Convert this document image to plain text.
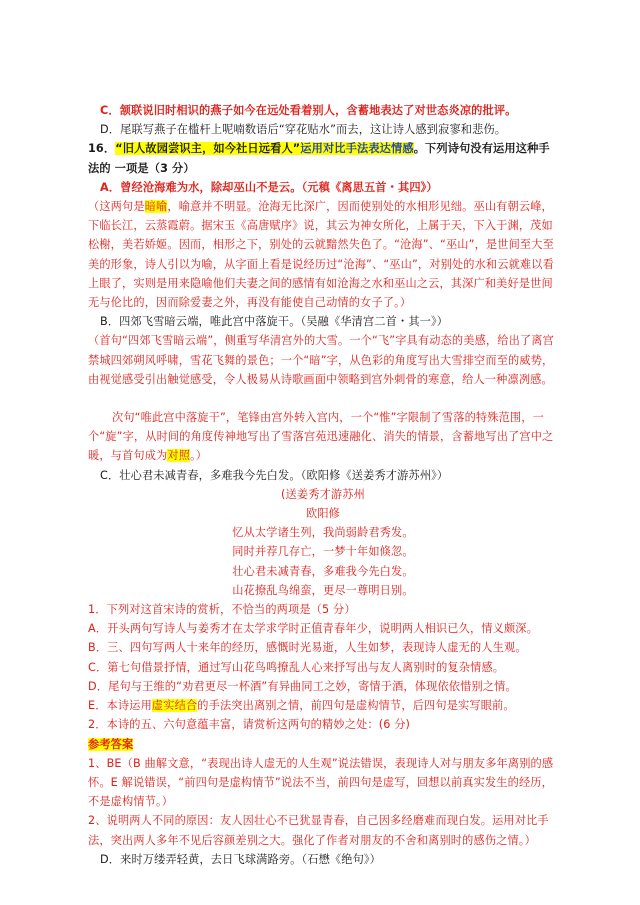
C．颔联说旧时相识的燕子如今在远处看着别人，含蓄地表达了对世态炎凉的批评。

D．尾联写燕子在槛杆上呢喃数语后“穿花贴水”而去，这让诗人感到寂寥和悲伤。

16．“旧人故园尝识主，如今社日远看人”运用对比手法表达情感。下列诗句没有运用这种手法的 一项是（3 分）

A．曾经沧海难为水，除却巫山不是云。（元稹《离思五首・其四》）

（这两句是暗喻，喻意并不明显。沧海无比深广，因而使别处的水相形见绌。巫山有朝云峰，下临长江，云蒸霞蔚。据宋玉《高唐赋序》说，其云为神女所化，上属于天，下入于渊，茂如松榭，美若娇姬。因而，相形之下，别处的云就黯然失色了。“沧海”、“巫山”，是世间至大至美的形象，诗人引以为喻，从字面上看是说经历过“沧海”、“巫山”，对别处的水和云就难以看上眼了，实则是用来隐喻他们夫妻之间的感情有如沧海之水和巫山之云，其深广和美好是世间无与伦比的，因而除爱妻之外，再没有能使自己动情的女子了。）

B．四郊飞雪暗云端，唯此宫中落旋干。（吴融《华清宫二首・其一》）

（首句“四郊飞雪暗云端”，侧重写华清宫外的大雪。一个“飞”字具有动态的美感，给出了离宫禁城四郊朔风呼啸，雪花飞舞的景色；一个“暗”字，从色彩的角度写出大雪排空而至的威势，由视觉感受引出触觉感受，令人极易从诗歌画面中领略到宫外刺骨的寒意，给人一种凛冽感。

次句“唯此宫中落旋干”，笔锋由宫外转入宫内，一个“惟”字限制了雪落的特殊范围，一个“旋”字，从时间的角度传神地写出了雪落宫苑迅速融化、消失的情景，含蓄地写出了宫中之暖，与首句成为对照。）

C．壮心君未减青春，多难我今先白发。（欧阳修《送姜秀才游苏州》）

(送姜秀才游苏州

欧阳修

忆从太学诸生列，我尚弱龄君秀发。

同时并荐几存亡，一梦十年如倏忽。

壮心君未减青春，多难我今先白发。

山花撩乱鸟绵蛮，更尽一尊明日别。

1．下列对这首宋诗的赏析，不恰当的两项是（5 分）

A．开头两句写诗人与姜秀才在太学求学时正值青春年少，说明两人相识已久，情义颇深。

B．三、四句写两人十来年的经历，感慨时光易逝，人生如梦，表现诗人虚无的人生观。

C．第七句借景抒情，通过写山花鸟鸣撩乱人心来抒写出与友人离别时的复杂情感。

D．尾句与王维的“劝君更尽一杯酒”有异曲同工之妙，寄情于酒，体现依依惜别之情。

E．本诗运用虚实结合的手法突出离别之情，前四句是虚构情节，后四句是实写眼前。

2．本诗的五、六句意蕴丰富，请赏析这两句的精妙之处：(6 分)

参考答案

1、BE（B 曲解文意，“表现出诗人虚无的人生观”说法错误，表现诗人对与朋友多年离别的感怀。E 解说错误，“前四句是虚构情节”说法不当，前四句是虚写，回想以前真实发生的经历，不是虚构情节。）

2、说明两人不同的原因：友人因壮心不已犹显青春，自己因多经磨难而现白发。运用对比手法，突出两人多年不见后容颜差别之大。强化了作者对朋友的不舍和离别时的感伤之情。）

D．来时万缕弄轻黄，去日飞球满路旁。（石懋《绝句》）
